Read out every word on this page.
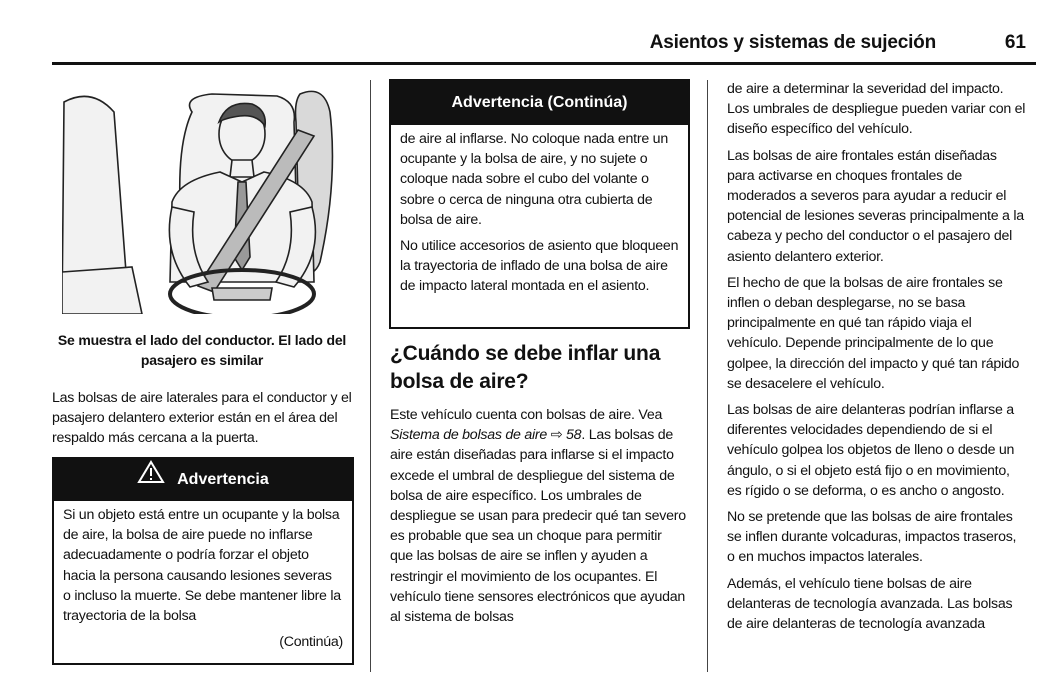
Asientos y sistemas de sujeción	61
Se muestra el lado del conductor. El lado del pasajero es similar

Las bolsas de aire laterales para el conductor y el pasajero delantero exterior están en el área del respaldo más cercana a la puerta.

Advertencia

Si un objeto está entre un ocupante y la bolsa de aire, la bolsa de aire puede no inflarse adecuadamente o podría forzar el objeto hacia la persona causando lesiones severas o incluso la muerte. Se debe mantener libre la trayectoria de la bolsa

(Continúa)
Advertencia (Continúa)

de aire al inflarse. No coloque nada entre un ocupante y la bolsa de aire, y no sujete o coloque nada sobre el cubo del volante o sobre o cerca de ninguna otra cubierta de bolsa de aire.

No utilice accesorios de asiento que bloqueen la trayectoria de inflado de una bolsa de aire de impacto lateral montada en el asiento.

¿Cuándo se debe inflar una bolsa de aire?

Este vehículo cuenta con bolsas de aire. Vea Sistema de bolsas de aire ⇨ 58. Las bolsas de aire están diseñadas para inflarse si el impacto excede el umbral de despliegue del sistema de bolsa de aire específico. Los umbrales de despliegue se usan para predecir qué tan severo es probable que sea un choque para permitir que las bolsas de aire se inflen y ayuden a restringir el movimiento de los ocupantes. El vehículo tiene sensores electrónicos que ayudan al sistema de bolsas

de aire a determinar la severidad del impacto. Los umbrales de despliegue pueden variar con el diseño específico del vehículo.

Las bolsas de aire frontales están diseñadas para activarse en choques frontales de moderados a severos para ayudar a reducir el potencial de lesiones severas principalmente a la cabeza y pecho del conductor o el pasajero del asiento delantero exterior.

El hecho de que la bolsas de aire frontales se inflen o deban desplegarse, no se basa principalmente en qué tan rápido viaja el vehículo. Depende principalmente de lo que golpee, la dirección del impacto y qué tan rápido se desacelere el vehículo.

Las bolsas de aire delanteras podrían inflarse a diferentes velocidades dependiendo de si el vehículo golpea los objetos de lleno o desde un ángulo, o si el objeto está fijo o en movimiento, es rígido o se deforma, o es ancho o angosto.

No se pretende que las bolsas de aire frontales se inflen durante volcaduras, impactos traseros, o en muchos impactos laterales.

Además, el vehículo tiene bolsas de aire delanteras de tecnología avanzada. Las bolsas de aire delanteras de tecnología avanzada
